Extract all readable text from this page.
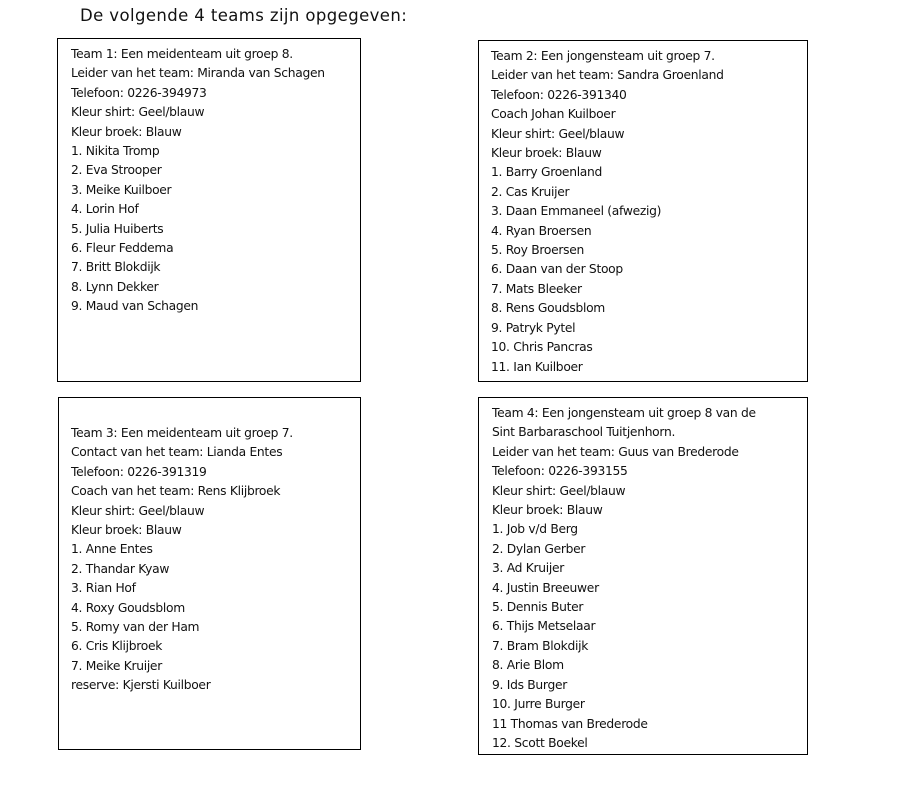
De volgende 4 teams zijn opgegeven:
Team 1: Een meidenteam uit groep 8.
Leider van het team: Miranda van Schagen
Telefoon: 0226-394973
Kleur shirt: Geel/blauw
Kleur broek: Blauw
1. Nikita Tromp
2. Eva Strooper
3. Meike Kuilboer
4. Lorin Hof
5. Julia Huiberts
6. Fleur Feddema
7. Britt Blokdijk
8. Lynn Dekker
9. Maud van Schagen
Team 2: Een jongensteam uit groep 7.
Leider van het team: Sandra Groenland
Telefoon: 0226-391340
Coach Johan Kuilboer
Kleur shirt: Geel/blauw
Kleur broek: Blauw
1. Barry Groenland
2. Cas Kruijer
3. Daan Emmaneel (afwezig)
4. Ryan Broersen
5. Roy Broersen
6. Daan van der Stoop
7. Mats Bleeker
8. Rens Goudsblom
9. Patryk Pytel
10. Chris Pancras
11. Ian Kuilboer
Team 3: Een meidenteam uit groep 7.
Contact van het team: Lianda Entes
Telefoon: 0226-391319
Coach van het team: Rens Klijbroek
Kleur shirt: Geel/blauw
Kleur broek: Blauw
1. Anne Entes
2. Thandar Kyaw
3. Rian Hof
4. Roxy Goudsblom
5. Romy van der Ham
6. Cris Klijbroek
7. Meike Kruijer
reserve: Kjersti Kuilboer
Team 4: Een jongensteam uit groep 8 van de
Sint Barbaraschool Tuitjenhorn.
Leider van het team: Guus van Brederode
Telefoon: 0226-393155
Kleur shirt: Geel/blauw
Kleur broek: Blauw
1. Job v/d Berg
2. Dylan Gerber
3. Ad Kruijer
4. Justin Breeuwer
5. Dennis Buter
6. Thijs Metselaar
7. Bram Blokdijk
8. Arie Blom
9. Ids Burger
10. Jurre Burger
11 Thomas van Brederode
12. Scott Boekel
